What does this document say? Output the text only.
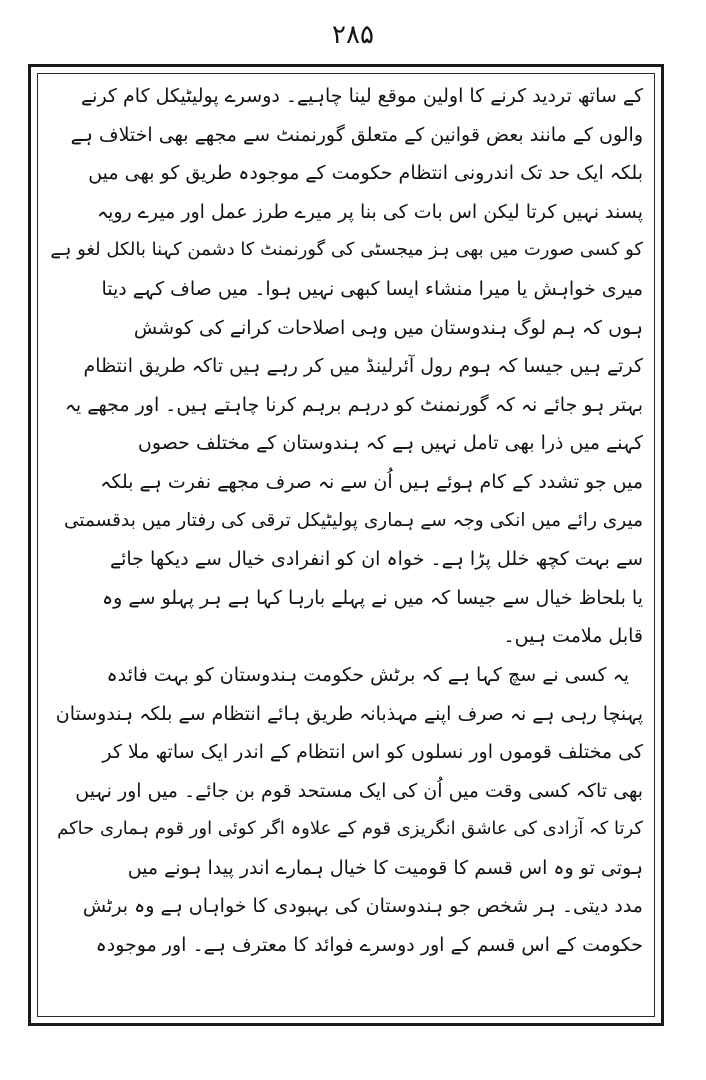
۲۸۵
کے ساتھ تردید کرنے کا اولین موقع لینا چاہیے۔ دوسرے پولیٹیکل کام کرنے
والوں کے مانند بعض قوانین کے متعلق گورنمنٹ سے مجھے بھی اختلاف ہے
بلکہ ایک حد تک اندرونی انتظام حکومت کے موجودہ طریق کو بھی میں
پسند نہیں کرتا لیکن اس بات کی بنا پر میرے طرز عمل اور میرے رویہ
کو کسی صورت میں بھی ہز میجسٹی کی گورنمنٹ کا دشمن کہنا بالکل لغو ہے
میری خواہش یا میرا منشاء ایسا کبھی نہیں ہوا۔ میں صاف کہے دیتا
ہوں کہ ہم لوگ ہندوستان میں وہی اصلاحات کرانے کی کوشش
کرتے ہیں جیسا کہ ہوم رول آئرلینڈ میں کر رہے ہیں تاکہ طریق انتظام
بہتر ہو جائے نہ کہ گورنمنٹ کو درہم برہم کرنا چاہتے ہیں۔ اور مجھے یہ
کہنے میں ذرا بھی تامل نہیں ہے کہ ہندوستان کے مختلف حصوں
میں جو تشدد کے کام ہوئے ہیں اُن سے نہ صرف مجھے نفرت ہے بلکہ
میری رائے میں انکی وجہ سے ہماری پولیٹیکل ترقی کی رفتار میں بدقسمتی
سے بہت کچھ خلل پڑا ہے۔ خواہ ان کو انفرادی خیال سے دیکھا جائے
یا بلحاظ خیال سے جیسا کہ میں نے پہلے بارہا کہا ہے ہر پہلو سے وہ
قابل ملامت ہیں۔
یہ کسی نے سچ کہا ہے کہ برٹش حکومت ہندوستان کو بہت فائدہ
پہنچا رہی ہے نہ صرف اپنے مہذبانہ طریق ہائے انتظام سے بلکہ ہندوستان
کی مختلف قوموں اور نسلوں کو اس انتظام کے اندر ایک ساتھ ملا کر
بھی تاکہ کسی وقت میں اُن کی ایک مستحد قوم بن جائے۔ میں اور نہیں
کرتا کہ آزادی کی عاشق انگریزی قوم کے علاوہ اگر کوئی اور قوم ہماری حاکم
ہوتی تو وہ اس قسم کا قومیت کا خیال ہمارے اندر پیدا ہونے میں
مدد دیتی۔ ہر شخص جو ہندوستان کی بہبودی کا خواہاں ہے وہ برٹش
حکومت کے اس قسم کے اور دوسرے فوائد کا معترف ہے۔ اور موجودہ
